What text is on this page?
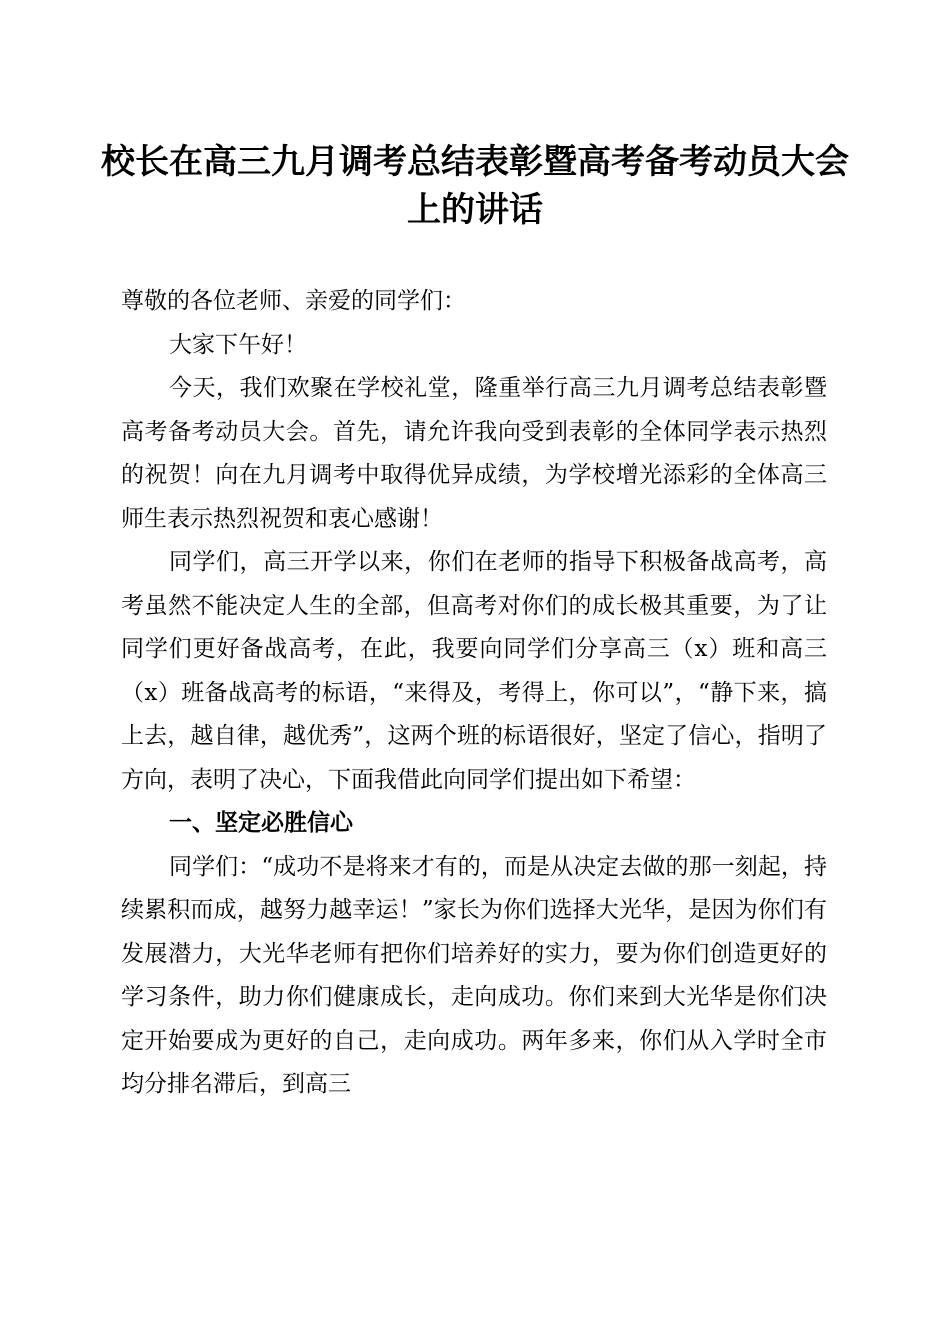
校长在高三九月调考总结表彰暨高考备考动员大会上的讲话

尊敬的各位老师、亲爱的同学们：

大家下午好！

今天，我们欢聚在学校礼堂，隆重举行高三九月调考总结表彰暨高考备考动员大会。首先，请允许我向受到表彰的全体同学表示热烈的祝贺！向在九月调考中取得优异成绩，为学校增光添彩的全体高三师生表示热烈祝贺和衷心感谢！

同学们，高三开学以来，你们在老师的指导下积极备战高考，高考虽然不能决定人生的全部，但高考对你们的成长极其重要，为了让同学们更好备战高考，在此，我要向同学们分享高三（x）班和高三（x）班备战高考的标语，“来得及，考得上，你可以”，“静下来，搞上去，越自律，越优秀”，这两个班的标语很好，坚定了信心，指明了方向，表明了决心，下面我借此向同学们提出如下希望：

一、坚定必胜信心

同学们：“成功不是将来才有的，而是从决定去做的那一刻起，持续累积而成，越努力越幸运！”家长为你们选择大光华，是因为你们有发展潜力，大光华老师有把你们培养好的实力，要为你们创造更好的学习条件，助力你们健康成长，走向成功。你们来到大光华是你们决定开始要成为更好的自己，走向成功。两年多来，你们从入学时全市均分排名滞后，到高三
